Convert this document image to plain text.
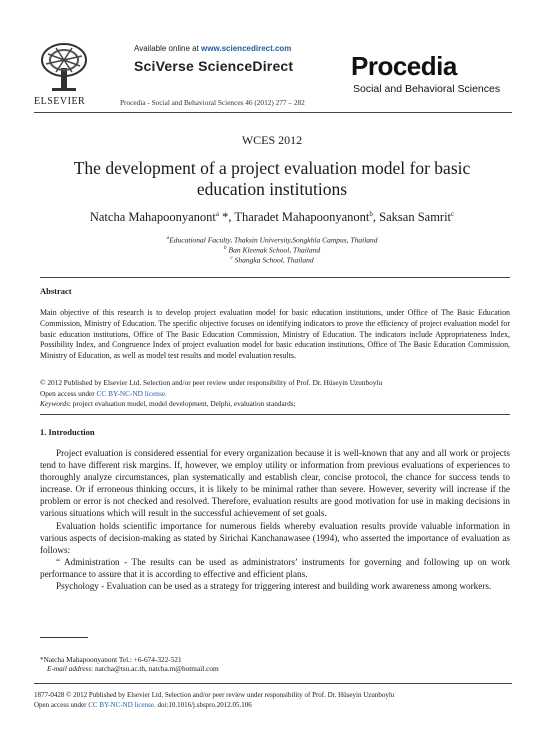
ELSEVIER
Available online at www.sciencedirect.com
SciVerse ScienceDirect
Procedia - Social and Behavioral Sciences 46 (2012) 277 – 282
Procedia
Social and Behavioral Sciences
WCES 2012
The development of a project evaluation model for basic education institutions
Natcha Mahapoonyanont$^a$ *, Tharadet Mahapoonyanont$^b$, Saksan Samrit$^c$
$^a$Educational Faculty, Thaksin University,Songkhla Campus, Thailand
$^b$ Ban Kleenak School, Thailand
$^c$ Shangka School, Thailand
Abstract
Main objective of this research is to develop project evaluation model for basic education institutions, under Office of The Basic Education Commission, Ministry of Education. The specific objective focuses on identifying indicators to prove the efficiency of project evaluation model for basic education institutions, Office of The Basic Education Commission, Ministry of Education. The indicators include Appropriateness Index, Possibility Index, and Congruence Index of project evaluation model for basic education institutions, Office of The Basic Education Commission, Ministry of Education, as well as model test results and model evaluation results.
© 2012 Published by Elsevier Ltd. Selection and/or peer review under responsibility of Prof. Dr. Hüseyin Uzunboylu
Open access under CC BY-NC-ND license.
Keywords: project evaluation model, model development, Delphi, evaluation standards;
1. Introduction

Project evaluation is considered essential for every organization because it is well-known that any and all work or projects tend to have different risk margins. If, however, we employ utility or information from previous evaluations of experiences to thoroughly analyze circumstances, plan systematically and establish clear, concise protocol, the chance for success tends to increase. Or if erroneous thinking occurs, it is likely to be minimal rather than severe. However, severity will increase if the problem or error is not checked and resolved. Therefore, evaluation results are good motivation for use in making decisions in various situations which will result in the successful achievement of set goals.

Evaluation holds scientific importance for numerous fields whereby evaluation results provide valuable information in various aspects of decision-making as stated by Sirichai Kanchanawasee (1994), who asserted the importance of evaluation as follows:

“ Administration - The results can be used as administrators’ instruments for governing and following up on work performance to assure that it is according to effective and efficient plans.

Psychology - Evaluation can be used as a strategy for triggering interest and building work awareness among workers.

*Natcha Mahapoonyanont Tel.: +6-674-322-521
E-mail address: natcha@tsu.ac.th, natcha.m@hotmail.com
1877-0428 © 2012 Published by Elsevier Ltd. Selection and/or peer review under responsibility of Prof. Dr. Hüseyin Uzunboylu
Open access under CC BY-NC-ND license. doi:10.1016/j.sbspro.2012.05.106
